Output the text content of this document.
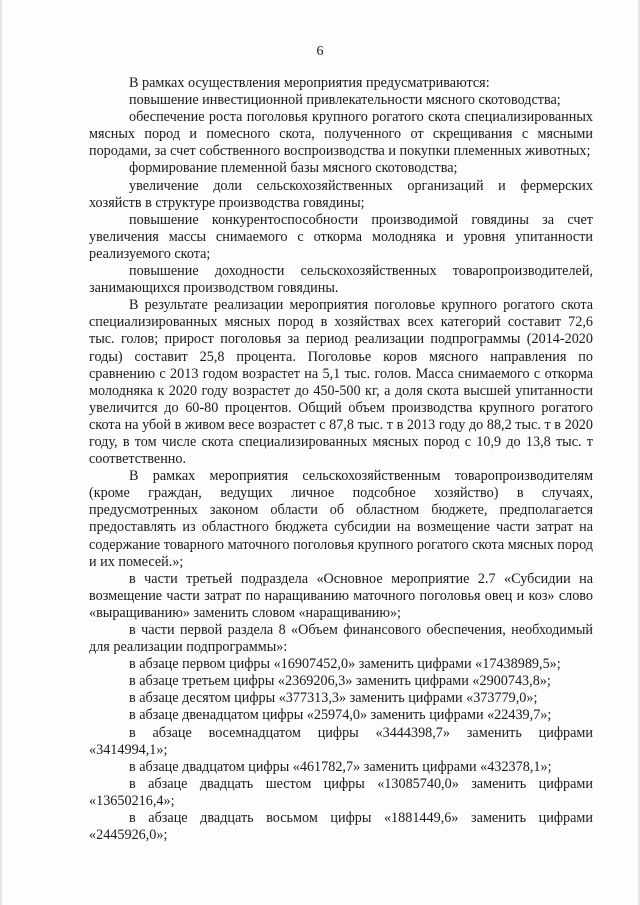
6

В рамках осуществления мероприятия предусматриваются:

повышение инвестиционной привлекательности мясного скотоводства;

обеспечение роста поголовья крупного рогатого скота специализированных мясных пород и помесного скота, полученного от скрещивания с мясными породами, за счет собственного воспроизводства и покупки племенных животных;

формирование племенной базы мясного скотоводства;

увеличение доли сельскохозяйственных организаций и фермерских хозяйств в структуре производства говядины;

повышение конкурентоспособности производимой говядины за счет увеличения массы снимаемого с откорма молодняка и уровня упитанности реализуемого скота;

повышение доходности сельскохозяйственных товаропроизводителей, занимающихся производством говядины.

В результате реализации мероприятия поголовье крупного рогатого скота специализированных мясных пород в хозяйствах всех категорий составит 72,6 тыс. голов; прирост поголовья за период реализации подпрограммы (2014-2020 годы) составит 25,8 процента. Поголовье коров мясного направления по сравнению с 2013 годом возрастет на 5,1 тыс. голов. Масса снимаемого с откорма молодняка к 2020 году возрастет до 450-500 кг, а доля скота высшей упитанности увеличится до 60-80 процентов. Общий объем производства крупного рогатого скота на убой в живом весе возрастет с 87,8 тыс. т в 2013 году до 88,2 тыс. т в 2020 году, в том числе скота специализированных мясных пород с 10,9 до 13,8 тыс. т соответственно.

В рамках мероприятия сельскохозяйственным товаропроизводителям (кроме граждан, ведущих личное подсобное хозяйство) в случаях, предусмотренных законом области об областном бюджете, предполагается предоставлять из областного бюджета субсидии на возмещение части затрат на содержание товарного маточного поголовья крупного рогатого скота мясных пород и их помесей.»;

в части третьей подраздела «Основное мероприятие 2.7 «Субсидии на возмещение части затрат по наращиванию маточного поголовья овец и коз» слово «выращиванию» заменить словом «наращиванию»;

в части первой раздела 8 «Объем финансового обеспечения, необходимый для реализации подпрограммы»:

в абзаце первом цифры «16907452,0» заменить цифрами «17438989,5»;

в абзаце третьем цифры «2369206,3» заменить цифрами «2900743,8»;

в абзаце десятом цифры «377313,3» заменить цифрами «373779,0»;

в абзаце двенадцатом цифры «25974,0» заменить цифрами «22439,7»;

в абзаце восемнадцатом цифры «3444398,7» заменить цифрами «3414994,1»;

в абзаце двадцатом цифры «461782,7» заменить цифрами «432378,1»;

в абзаце двадцать шестом цифры «13085740,0» заменить цифрами «13650216,4»;

в абзаце двадцать восьмом цифры «1881449,6» заменить цифрами «2445926,0»;
